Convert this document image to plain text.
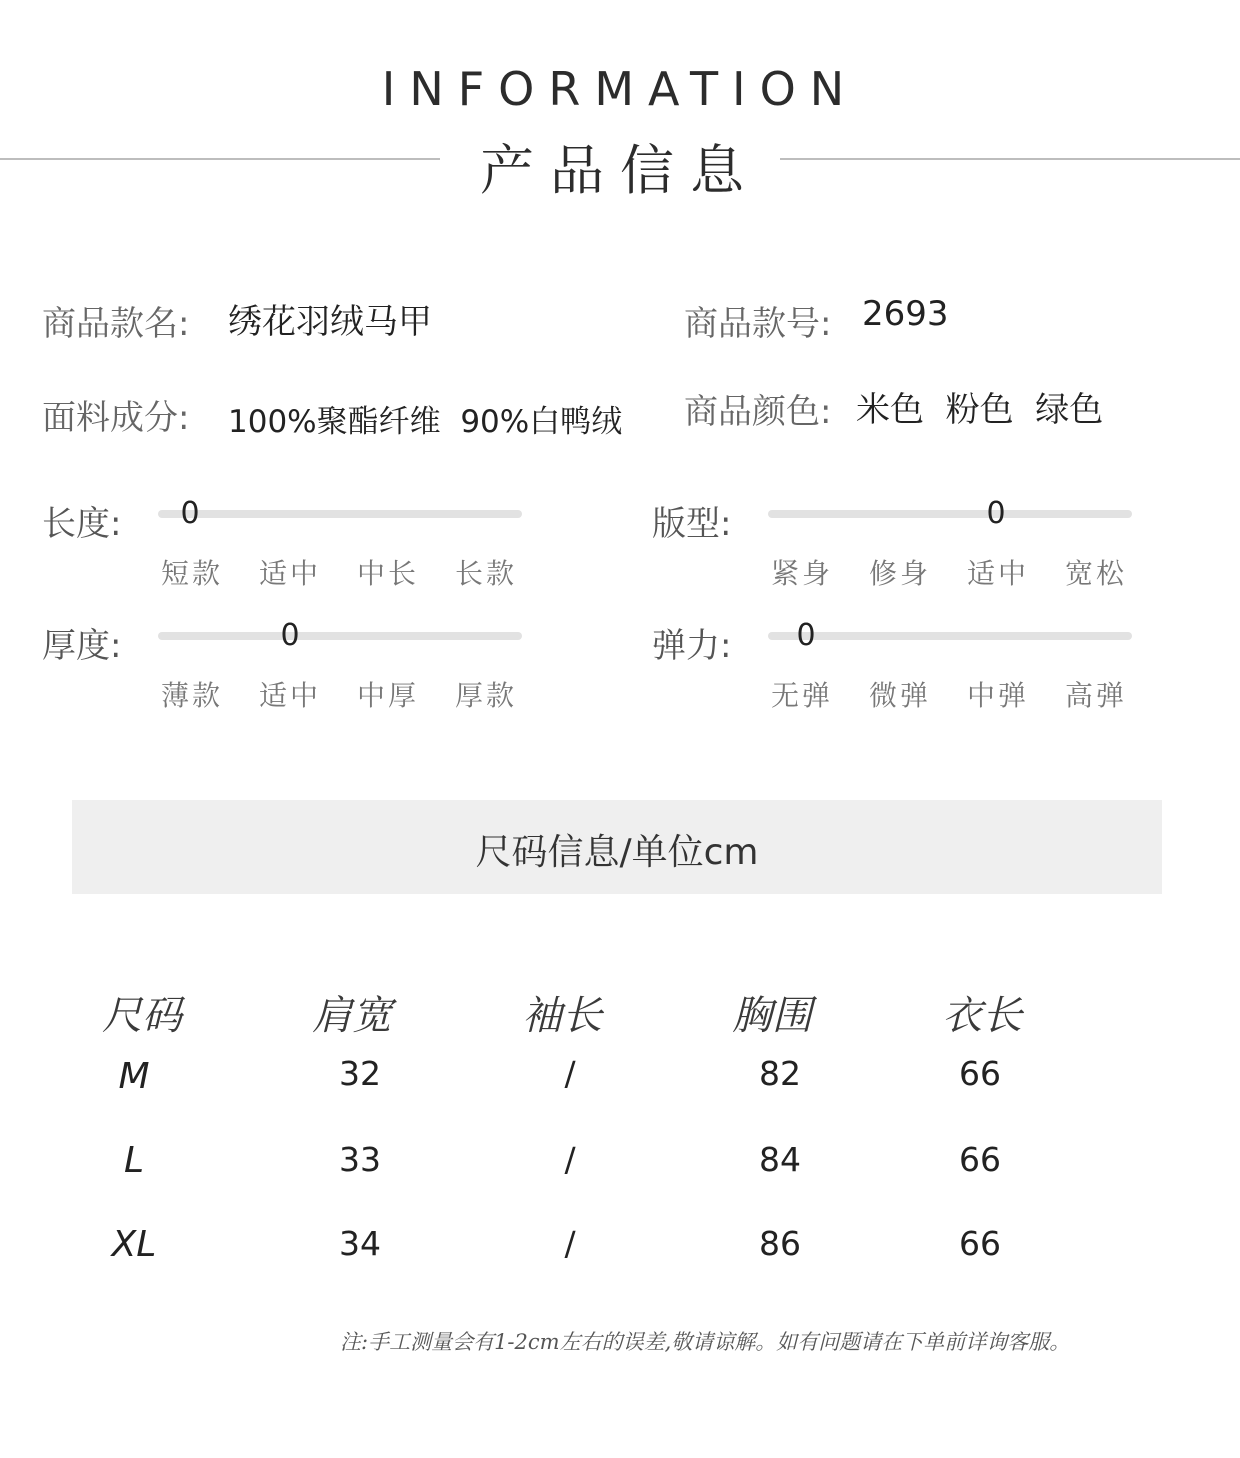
INFORMATION
产品信息
商品款名: 绣花羽绒马甲	商品款号: 2693
面料成分: 100%聚酯纤维  90%白鸭绒 商品颜色: 米色  粉色  绿色
长度: 0
短款	适中	中长	长款
版型:	0
紧身	修身	适中	宽松
厚度:	0
薄款	适中	中厚	厚款
弹力: 0
无弹	微弹	中弹	高弹
尺码信息/单位cm
尺码	肩宽	袖长	胸围	衣长
M	32	/	82	66
L	33	/	84	66
XL	34	/	86	66
注:手工测量会有1-2cm左右的误差,敬请谅解。如有问题请在下单前详询客服。
